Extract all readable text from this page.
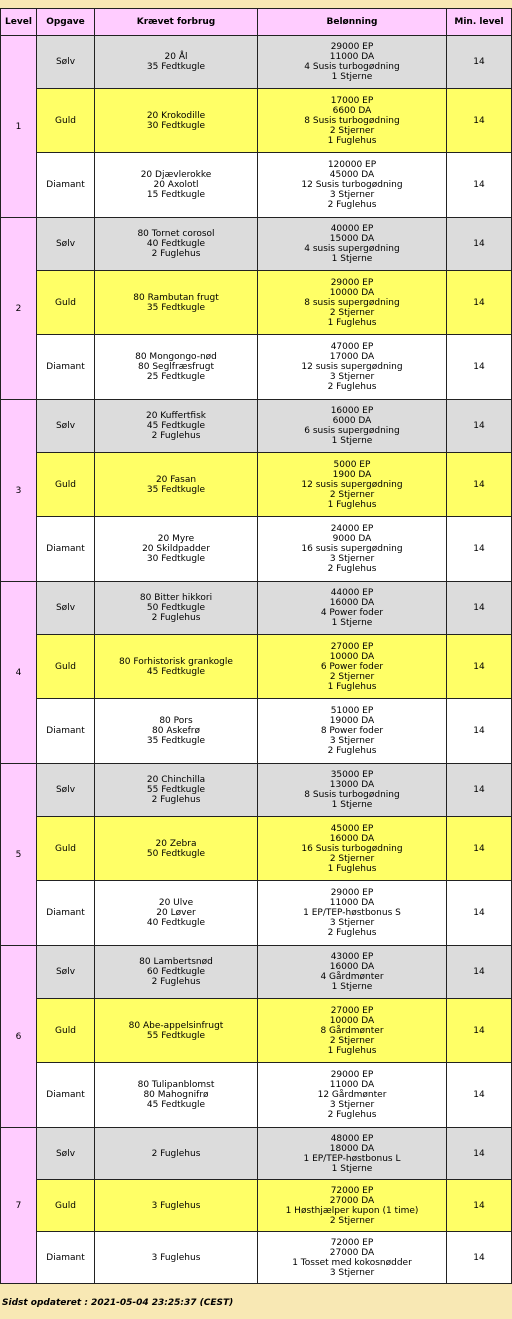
Level	Opgave	Krævet forbrug	Belønning	Min. level
1	Sølv	20 Ål
35 Fedtkugle	29000 EP
11000 DA
4 Susis turbogødning
1 Stjerne	14
	Guld	20 Krokodille
30 Fedtkugle	17000 EP
6600 DA
8 Susis turbogødning
2 Stjerner
1 Fuglehus	14
	Diamant	20 Djævlerokke
20 Axolotl
15 Fedtkugle	120000 EP
45000 DA
12 Susis turbogødning
3 Stjerner
2 Fuglehus	14
2	Sølv	80 Tornet corosol
40 Fedtkugle
2 Fuglehus	40000 EP
15000 DA
4 susis supergødning
1 Stjerne	14
	Guld	80 Rambutan frugt
35 Fedtkugle	29000 EP
10000 DA
8 susis supergødning
2 Stjerner
1 Fuglehus	14
	Diamant	80 Mongongo-nød
80 Seglfræsfrugt
25 Fedtkugle	47000 EP
17000 DA
12 susis supergødning
3 Stjerner
2 Fuglehus	14
3	Sølv	20 Kuffertfisk
45 Fedtkugle
2 Fuglehus	16000 EP
6000 DA
6 susis supergødning
1 Stjerne	14
	Guld	20 Fasan
35 Fedtkugle	5000 EP
1900 DA
12 susis supergødning
2 Stjerner
1 Fuglehus	14
	Diamant	20 Myre
20 Skildpadder
30 Fedtkugle	24000 EP
9000 DA
16 susis supergødning
3 Stjerner
2 Fuglehus	14
4	Sølv	80 Bitter hikkori
50 Fedtkugle
2 Fuglehus	44000 EP
16000 DA
4 Power foder
1 Stjerne	14
	Guld	80 Forhistorisk grankogle
45 Fedtkugle	27000 EP
10000 DA
6 Power foder
2 Stjerner
1 Fuglehus	14
	Diamant	80 Pors
80 Askefrø
35 Fedtkugle	51000 EP
19000 DA
8 Power foder
3 Stjerner
2 Fuglehus	14
5	Sølv	20 Chinchilla
55 Fedtkugle
2 Fuglehus	35000 EP
13000 DA
8 Susis turbogødning
1 Stjerne	14
	Guld	20 Zebra
50 Fedtkugle	45000 EP
16000 DA
16 Susis turbogødning
2 Stjerner
1 Fuglehus	14
	Diamant	20 Ulve
20 Løver
40 Fedtkugle	29000 EP
11000 DA
1 EP/TEP-høstbonus S
3 Stjerner
2 Fuglehus	14
6	Sølv	80 Lambertsnød
60 Fedtkugle
2 Fuglehus	43000 EP
16000 DA
4 Gårdmønter
1 Stjerne	14
	Guld	80 Abe-appelsinfrugt
55 Fedtkugle	27000 EP
10000 DA
8 Gårdmønter
2 Stjerner
1 Fuglehus	14
	Diamant	80 Tulipanblomst
80 Mahognifrø
45 Fedtkugle	29000 EP
11000 DA
12 Gårdmønter
3 Stjerner
2 Fuglehus	14
7	Sølv	2 Fuglehus	48000 EP
18000 DA
1 EP/TEP-høstbonus L
1 Stjerne	14
	Guld	3 Fuglehus	72000 EP
27000 DA
1 Høsthjælper kupon (1 time)
2 Stjerner	14
	Diamant	3 Fuglehus	72000 EP
27000 DA
1 Tosset med kokosnødder
3 Stjerner	14
Sidst opdateret : 2021-05-04 23:25:37 (CEST)
